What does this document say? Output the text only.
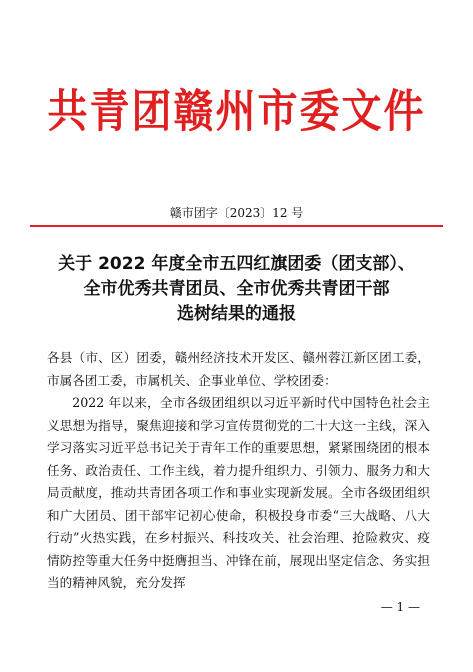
共青团赣州市委文件
赣市团字〔2023〕12 号
关于 2022 年度全市五四红旗团委（团支部）、
全市优秀共青团员、全市优秀共青团干部
选树结果的通报
各县（市、区）团委，赣州经济技术开发区、赣州蓉江新区团工委，市属各团工委，市属机关、企事业单位、学校团委：
2022 年以来，全市各级团组织以习近平新时代中国特色社会主义思想为指导，聚焦迎接和学习宣传贯彻党的二十大这一主线，深入学习落实习近平总书记关于青年工作的重要思想，紧紧围绕团的根本任务、政治责任、工作主线，着力提升组织力、引领力、服务力和大局贡献度，推动共青团各项工作和事业实现新发展。全市各级团组织和广大团员、团干部牢记初心使命，积极投身市委“三大战略、八大行动”火热实践，在乡村振兴、科技攻关、社会治理、抢险救灾、疫情防控等重大任务中挺膺担当、冲锋在前，展现出坚定信念、务实担当的精神风貌，充分发挥
— 1 —
